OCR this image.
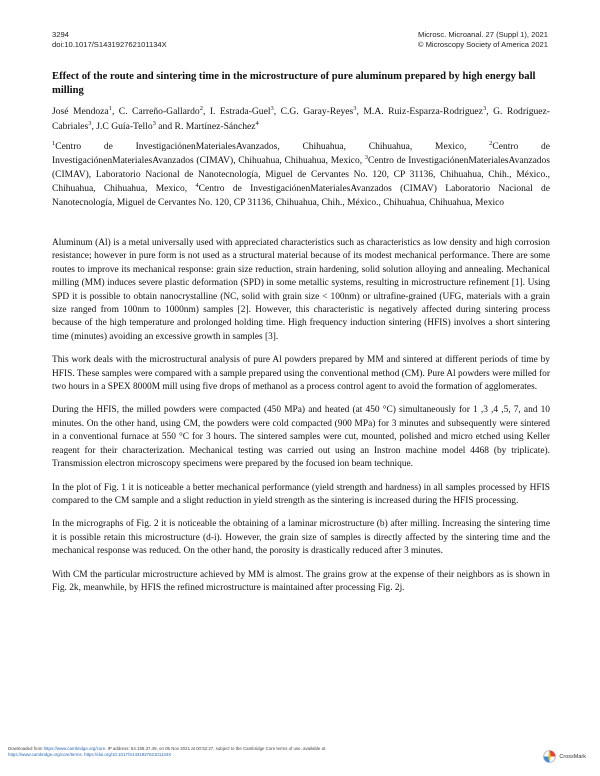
3294
doi:10.1017/S143192762101134X
Microsc. Microanal. 27 (Suppl 1), 2021
© Microscopy Society of America 2021
Effect of the route and sintering time in the microstructure of pure aluminum prepared by high energy ball milling

José Mendoza$^1$, C. Carreño-Gallardo$^2$, I. Estrada-Guel$^3$, C.G. Garay-Reyes$^3$, M.A. Ruiz-Esparza-Rodriguez$^3$, G. Rodríguez-Cabriales$^3$, J.C Guía-Tello$^3$ and R. Martínez-Sánchez$^4$

$^1$Centro de InvestigaciónenMaterialesAvanzados, Chihuahua, Chihuahua, Mexico, $^2$Centro de InvestigaciónenMaterialesAvanzados (CIMAV), Chihuahua, Chihuahua, Mexico, $^3$Centro de InvestigaciónenMaterialesAvanzados (CIMAV), Laboratorio Nacional de Nanotecnología, Miguel de Cervantes No. 120, CP 31136, Chihuahua, Chih., México., Chihuahua, Chihuahua, Mexico, $^4$Centro de InvestigaciónenMaterialesAvanzados (CIMAV) Laboratorio Nacional de Nanotecnología, Miguel de Cervantes No. 120, CP 31136, Chihuahua, Chih., México., Chihuahua, Chihuahua, Mexico

Aluminum (Al) is a metal universally used with appreciated characteristics such as characteristics as low density and high corrosion resistance; however in pure form is not used as a structural material because of its modest mechanical performance. There are some routes to improve its mechanical response: grain size reduction, strain hardening, solid solution alloying and annealing. Mechanical milling (MM) induces severe plastic deformation (SPD) in some metallic systems, resulting in microstructure refinement [1]. Using SPD it is possible to obtain nanocrystalline (NC, solid with grain size < 100nm) or ultrafine-grained (UFG, materials with a grain size ranged from 100nm to 1000nm) samples [2]. However, this characteristic is negatively affected during sintering process because of the high temperature and prolonged holding time. High frequency induction sintering (HFIS) involves a short sintering time (minutes) avoiding an excessive growth in samples [3].

This work deals with the microstructural analysis of pure Al powders prepared by MM and sintered at different periods of time by HFIS. These samples were compared with a sample prepared using the conventional method (CM). Pure Al powders were milled for two hours in a SPEX 8000M mill using five drops of methanol as a process control agent to avoid the formation of agglomerates.

During the HFIS, the milled powders were compacted (450 MPa) and heated (at 450 °C) simultaneously for 1 ,3 ,4 ,5, 7, and 10 minutes. On the other hand, using CM, the powders were cold compacted (900 MPa) for 3 minutes and subsequently were sintered in a conventional furnace at 550 °C for 3 hours. The sintered samples were cut, mounted, polished and micro etched using Keller reagent for their characterization. Mechanical testing was carried out using an Instron machine model 4468 (by triplicate). Transmission electron microscopy specimens were prepared by the focused ion beam technique.

In the plot of Fig. 1 it is noticeable a better mechanical performance (yield strength and hardness) in all samples processed by HFIS compared to the CM sample and a slight reduction in yield strength as the sintering is increased during the HFIS processing.

In the micrographs of Fig. 2 it is noticeable the obtaining of a laminar microstructure (b) after milling. Increasing the sintering time it is possible retain this microstructure (d-i). However, the grain size of samples is directly affected by the sintering time and the mechanical response was reduced. On the other hand, the porosity is drastically reduced after 3 minutes.

With CM the particular microstructure achieved by MM is almost. The grains grow at the expense of their neighbors as is shown in Fig. 2k, meanwhile, by HFIS the refined microstructure is maintained after processing Fig. 2j.

Downloaded from https://www.cambridge.org/core. IP address: 54.159.37.49, on 05 Nov 2021 at 00:52:27, subject to the Cambridge Core terms of use, available at
https://www.cambridge.org/core/terms. https://doi.org/10.1017/S143192762101134X	CrossMark
